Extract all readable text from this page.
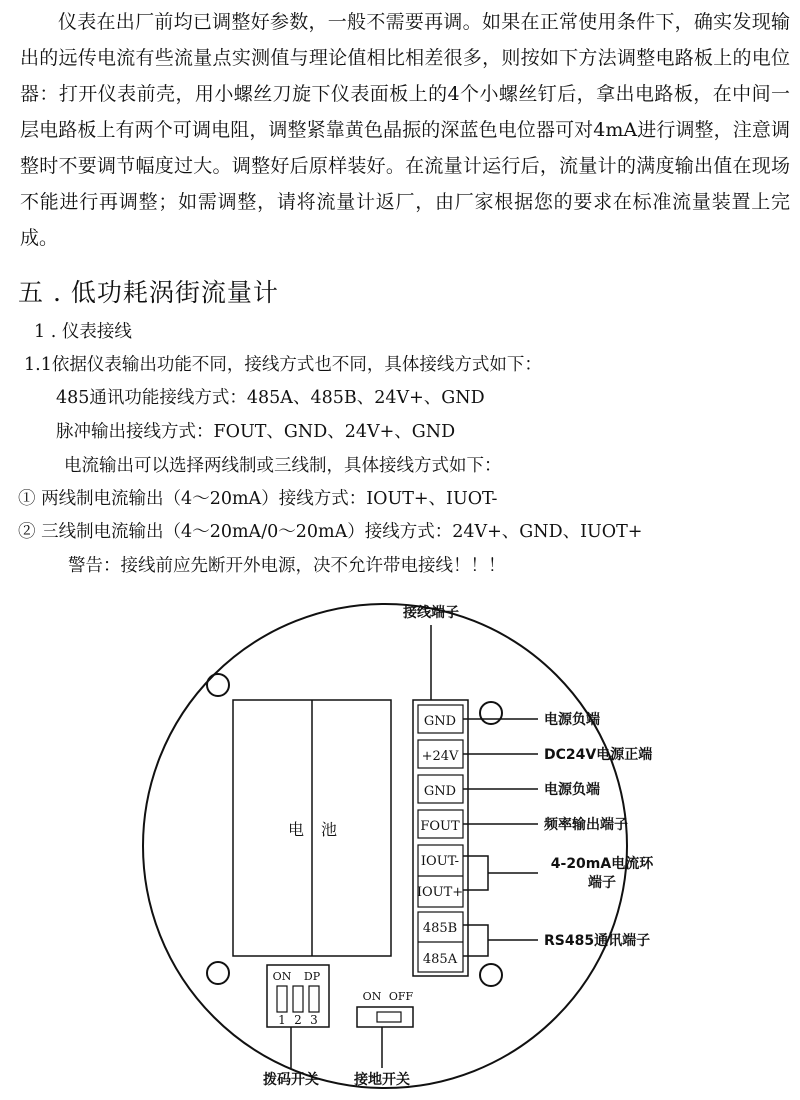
仪表在出厂前均已调整好参数，一般不需要再调。如果在正常使用条件下，确实发现输出的远传电流有些流量点实测值与理论值相比相差很多，则按如下方法调整电路板上的电位器：打开仪表前壳，用小螺丝刀旋下仪表面板上的4个小螺丝钉后，拿出电路板，在中间一层电路板上有两个可调电阻，调整紧靠黄色晶振的深蓝色电位器可对4mA进行调整，注意调整时不要调节幅度过大。调整好后原样装好。在流量计运行后，流量计的满度输出值在现场不能进行再调整；如需调整，请将流量计返厂，由厂家根据您的要求在标准流量装置上完成。

五 . 低功耗涡街流量计

1 . 仪表接线

1.1依据仪表输出功能不同，接线方式也不同，具体接线方式如下：

485通讯功能接线方式：485A、485B、24V+、GND

脉冲输出接线方式：FOUT、GND、24V+、GND

电流输出可以选择两线制或三线制，具体接线方式如下：

① 两线制电流输出（4～20mA）接线方式：IOUT+、IUOT-

② 三线制电流输出（4～20mA/0～20mA）接线方式：24V+、GND、IUOT+

警告：接线前应先断开外电源，决不允许带电接线！！！

电 池
GND
+24V
GND
FOUT
IOUT-
IOUT+
485B
485A
接线端子
电源负端
DC24V电源正端
电源负端
频率输出端子
4-20mA电流环
端子
RS485通讯端子
ON DP
1 2 3
拨码开关
ON OFF
接地开关
